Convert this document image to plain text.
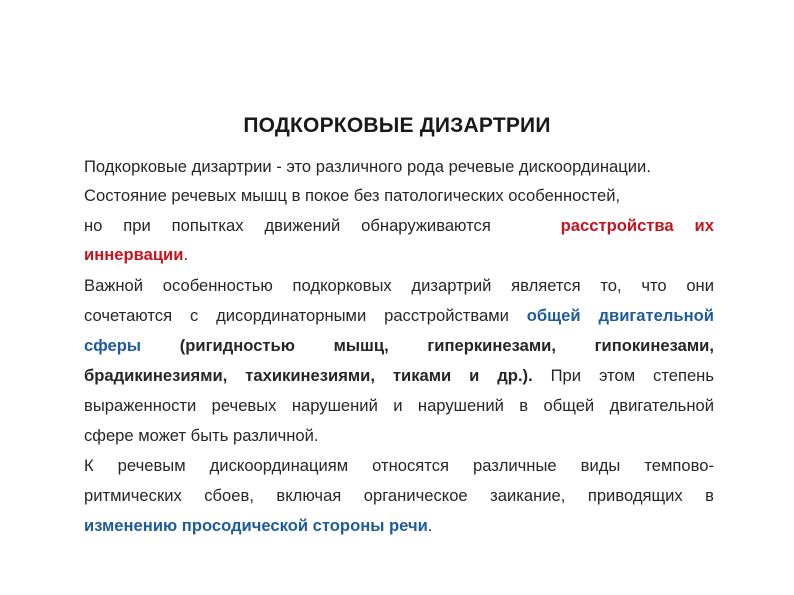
ПОДКОРКОВЫЕ ДИЗАРТРИИ
Подкорковые дизартрии - это различного рода речевые дискоординации.
Состояние речевых мышц в покое без патологических особенностей,
но при попытках движений обнаруживаются	расстройства их
иннервации.
Важной особенностью подкорковых дизартрий является то, что они
сочетаются с дисординаторными расстройствами общей двигательной
сферы (ригидностью мышц, гиперкинезами, гипокинезами,
брадикинезиями, тахикинезиями, тиками и др.). При этом степень
выраженности речевых нарушений и нарушений в общей двигательной
сфере может быть различной.
К речевым дискоординациям относятся различные виды темпово-
ритмических сбоев, включая органическое заикание, приводящих в
изменению просодической стороны речи.
